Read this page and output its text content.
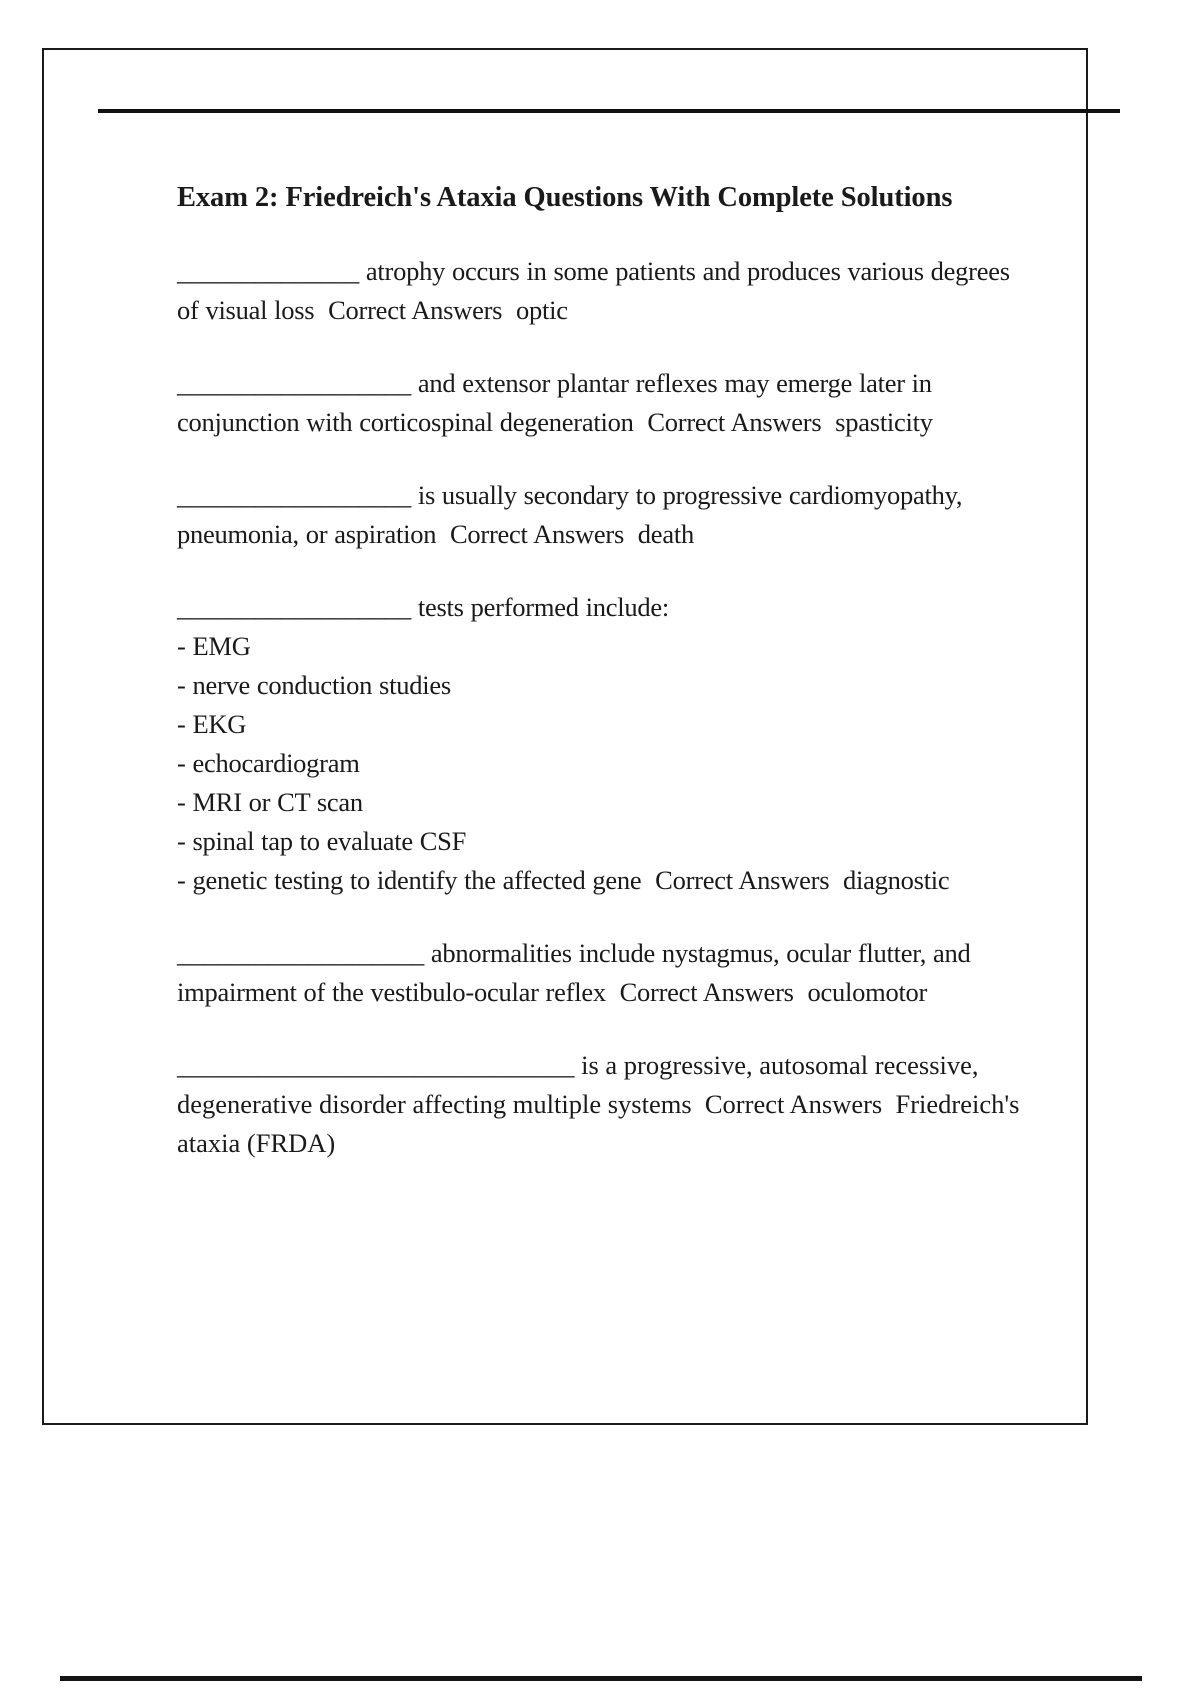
Exam 2: Friedreich's Ataxia Questions With Complete Solutions

______________ atrophy occurs in some patients and produces various degrees of visual loss  Correct Answers  optic

__________________ and extensor plantar reflexes may emerge later in conjunction with corticospinal degeneration  Correct Answers  spasticity

__________________ is usually secondary to progressive cardiomyopathy, pneumonia, or aspiration  Correct Answers  death

__________________ tests performed include:

- EMG
- nerve conduction studies
- EKG
- echocardiogram
- MRI or CT scan
- spinal tap to evaluate CSF
- genetic testing to identify the affected gene  Correct Answers  diagnostic

___________________ abnormalities include nystagmus, ocular flutter, and impairment of the vestibulo-ocular reflex  Correct Answers  oculomotor

______________________________ is a progressive, autosomal recessive, degenerative disorder affecting multiple systems  Correct Answers  Friedreich's ataxia (FRDA)
